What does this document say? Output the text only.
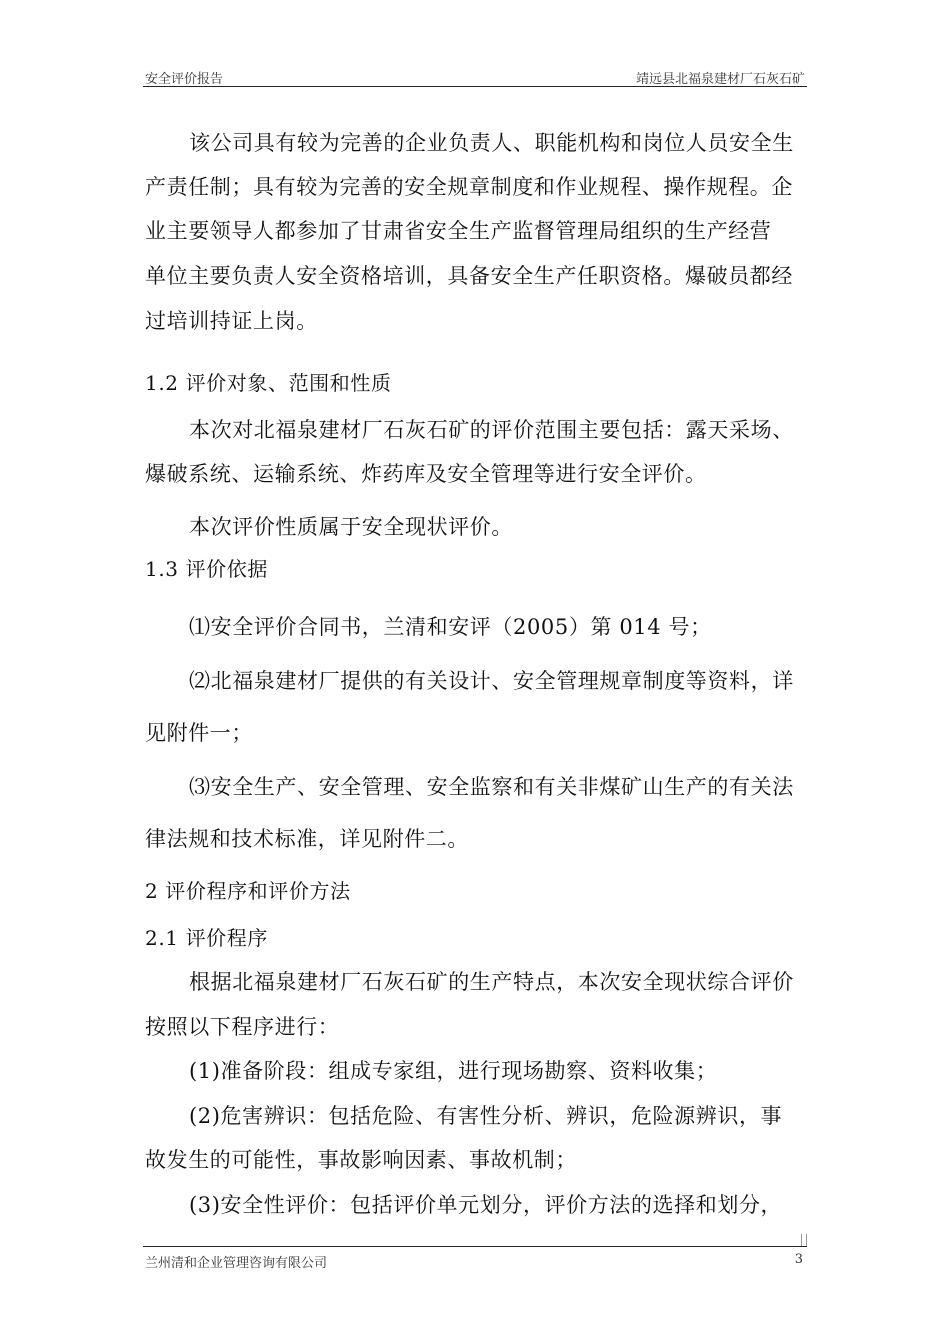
安全评价报告	靖远县北福泉建材厂石灰石矿
该公司具有较为完善的企业负责人、职能机构和岗位人员安全生
产责任制；具有较为完善的安全规章制度和作业规程、操作规程。企
业主要领导人都参加了甘肃省安全生产监督管理局组织的生产经营
单位主要负责人安全资格培训，具备安全生产任职资格。爆破员都经
过培训持证上岗。
1.2 评价对象、范围和性质
本次对北福泉建材厂石灰石矿的评价范围主要包括：露天采场、
爆破系统、运输系统、炸药库及安全管理等进行安全评价。
本次评价性质属于安全现状评价。
1.3 评价依据
⑴安全评价合同书，兰清和安评（2005）第 014 号；
⑵北福泉建材厂提供的有关设计、安全管理规章制度等资料，详
见附件一；
⑶安全生产、安全管理、安全监察和有关非煤矿山生产的有关法
律法规和技术标准，详见附件二。
2 评价程序和评价方法
2.1 评价程序
根据北福泉建材厂石灰石矿的生产特点，本次安全现状综合评价
按照以下程序进行：
(1)准备阶段：组成专家组，进行现场勘察、资料收集；
(2)危害辨识：包括危险、有害性分析、辨识，危险源辨识，事
故发生的可能性，事故影响因素、事故机制；
(3)安全性评价：包括评价单元划分，评价方法的选择和划分，
兰州清和企业管理咨询有限公司	3
